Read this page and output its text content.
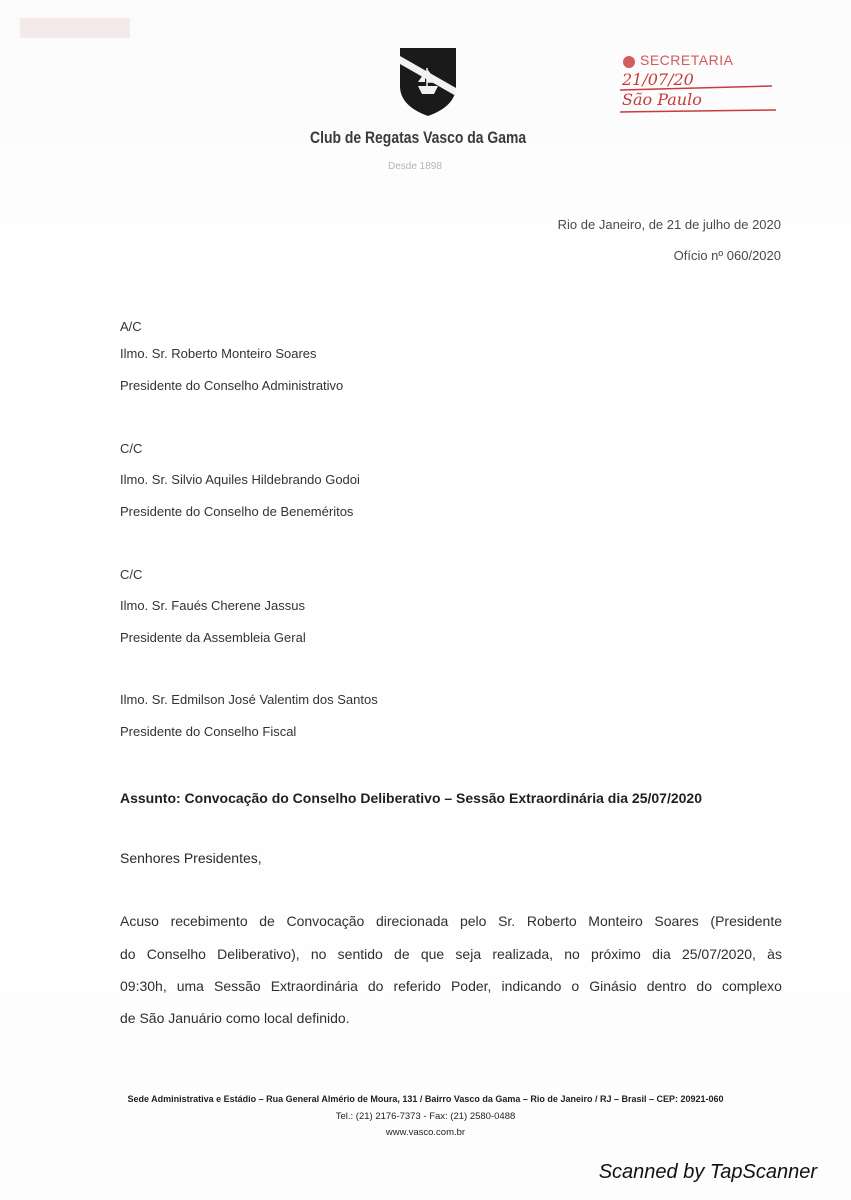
Club de Regatas Vasco da Gama
Desde 1898
SECRETARIA
21/07/20
São Paulo
Rio de Janeiro, de 21 de julho de 2020
Ofício nº 060/2020
A/C
Ilmo. Sr. Roberto Monteiro Soares
Presidente do Conselho Administrativo
C/C
Ilmo. Sr. Silvio Aquiles Hildebrando Godoi
Presidente do Conselho de Beneméritos
C/C
Ilmo. Sr. Faués Cherene Jassus
Presidente da Assembleia Geral
Ilmo. Sr. Edmilson José Valentim dos Santos
Presidente do Conselho Fiscal
Assunto: Convocação do Conselho Deliberativo – Sessão Extraordinária dia 25/07/2020
Senhores Presidentes,
Acuso recebimento de Convocação direcionada pelo Sr. Roberto Monteiro Soares (Presidente
do Conselho Deliberativo), no sentido de que seja realizada, no próximo dia 25/07/2020, às
09:30h, uma Sessão Extraordinária do referido Poder, indicando o Ginásio dentro do complexo
de São Januário como local definido.
Sede Administrativa e Estádio – Rua General Almério de Moura, 131 / Bairro Vasco da Gama – Rio de Janeiro / RJ – Brasil – CEP: 20921-060
Tel.: (21) 2176-7373 - Fax: (21) 2580-0488
www.vasco.com.br
Scanned by TapScanner
